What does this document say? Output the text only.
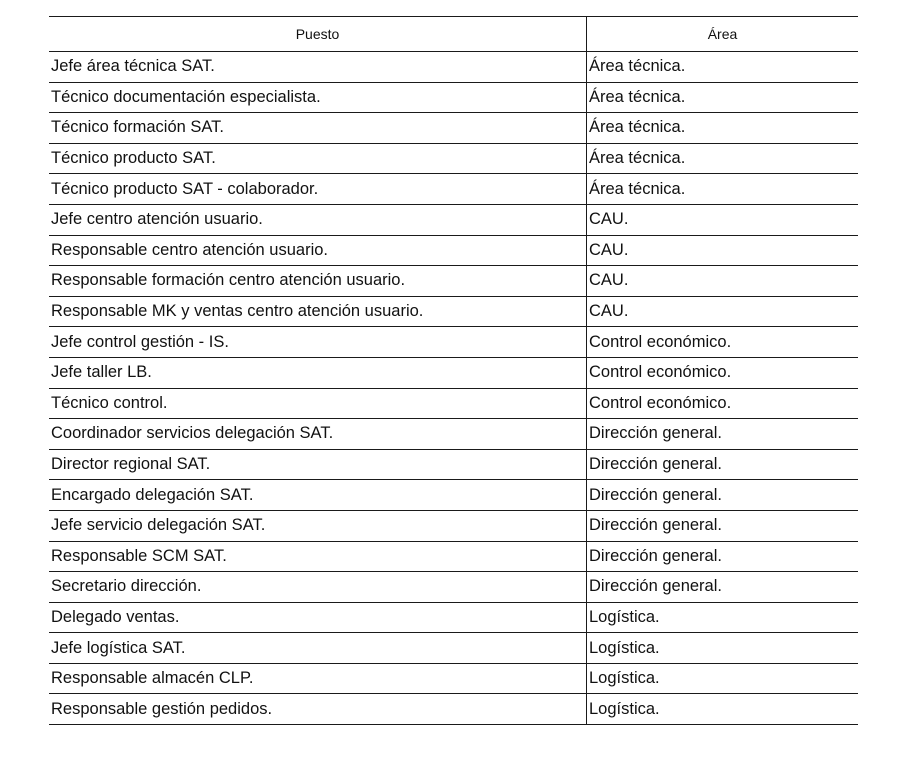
Puesto	Área
Jefe área técnica SAT.	Área técnica.
Técnico documentación especialista.	Área técnica.
Técnico formación SAT.	Área técnica.
Técnico producto SAT.	Área técnica.
Técnico producto SAT - colaborador.	Área técnica.
Jefe centro atención usuario.	CAU.
Responsable centro atención usuario.	CAU.
Responsable formación centro atención usuario.	CAU.
Responsable MK y ventas centro atención usuario.	CAU.
Jefe control gestión - IS.	Control económico.
Jefe taller LB.	Control económico.
Técnico control.	Control económico.
Coordinador servicios delegación SAT.	Dirección general.
Director regional SAT.	Dirección general.
Encargado delegación SAT.	Dirección general.
Jefe servicio delegación SAT.	Dirección general.
Responsable SCM SAT.	Dirección general.
Secretario dirección.	Dirección general.
Delegado ventas.	Logística.
Jefe logística SAT.	Logística.
Responsable almacén CLP.	Logística.
Responsable gestión pedidos.	Logística.
